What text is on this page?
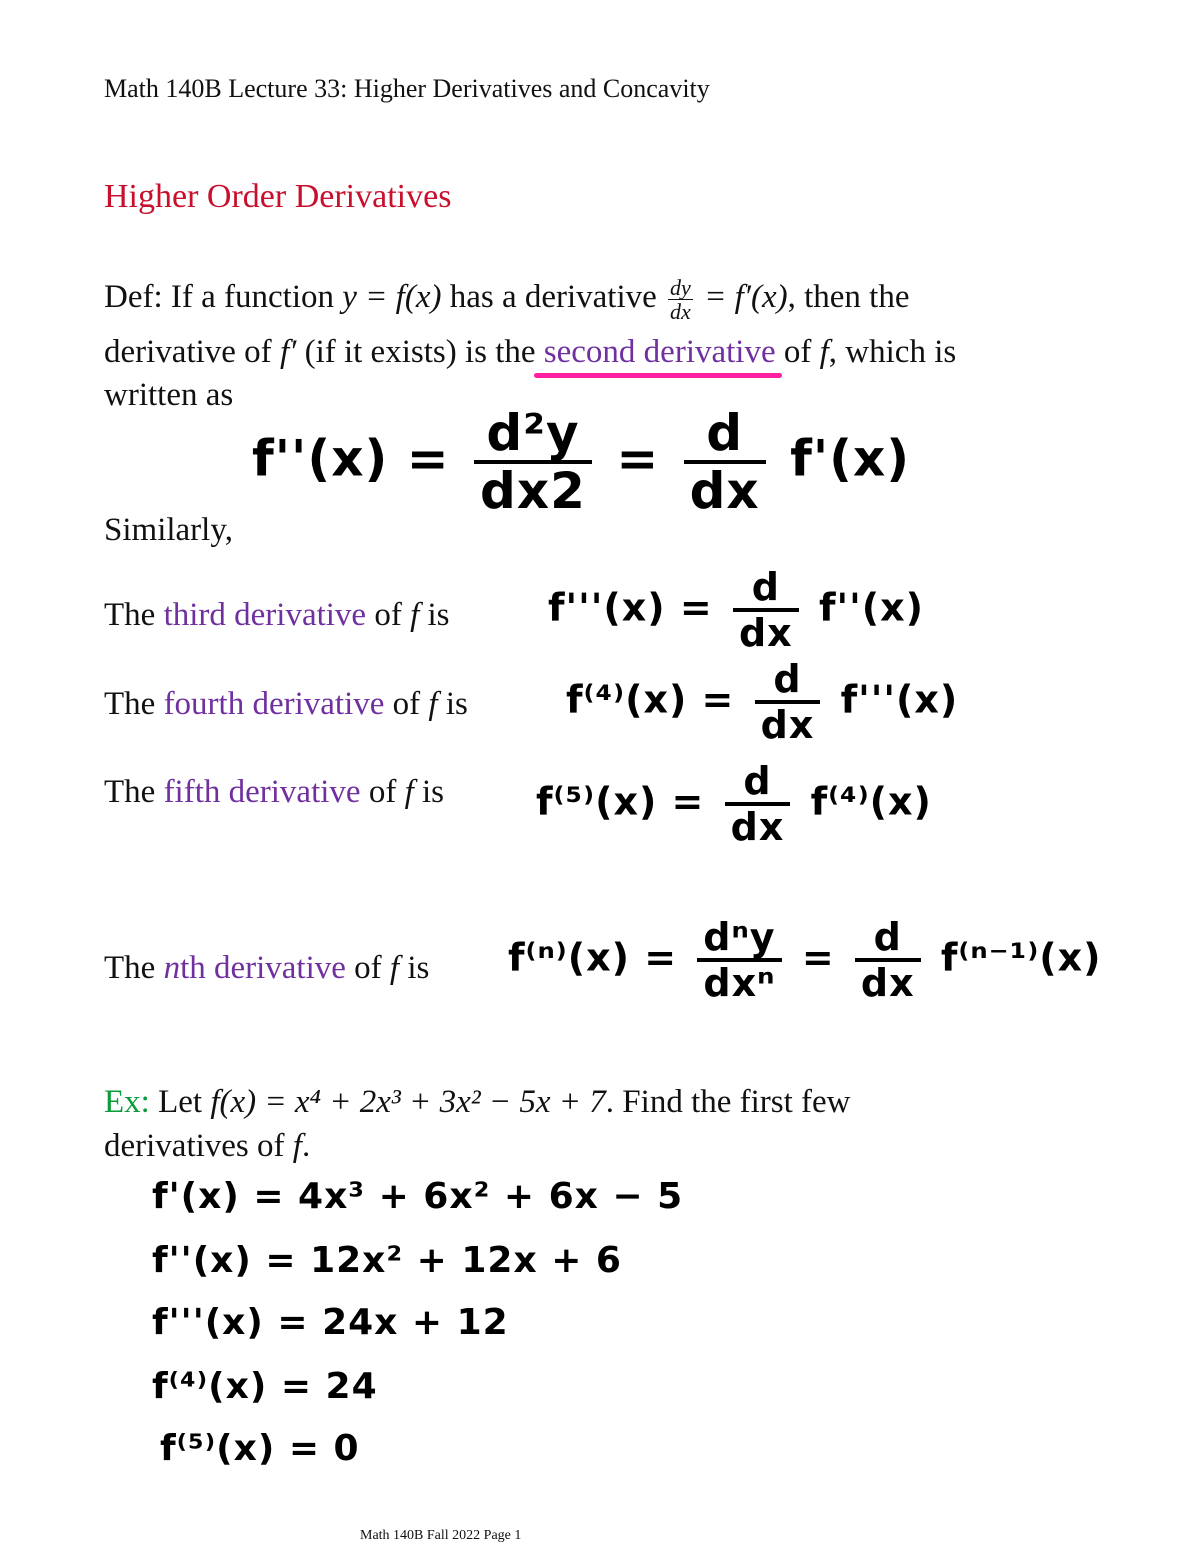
Math 140B Lecture 33: Higher Derivatives and Concavity
Higher Order Derivatives
Def: If a function y = f(x) has a derivative $\frac{dy}{dx} = f'(x)$, then the
derivative of f′ (if it exists) is the second derivative
of f, which is
written as
$f''(x) = \frac{\text{d²y}}{dx2} = \frac{d}{dx} f'(x)$
Similarly,
The third derivative of f is	$f'''(x) = \frac{d}{dx} f''(x)$
The fourth derivative of f is	$f^{(4)}(x) = \frac{d}{dx} f'''(x)$
The fifth derivative of f is $f^{(5)}(x) = \frac{d}{dx} f^{(4)}(x)$
The nth derivative of f is $f^{(n)}(x) = \frac{\text{dⁿy}}{\text{dxⁿ}} = \frac{d}{dx} f^{(n-1)}(x)$
Ex: Let f(x) = x⁴ + 2x³ + 3x² − 5x + 7. Find the first few
derivatives of f.
f'(x) = 4x³ + 6x² + 6x − 5
f''(x) = 12x² + 12x + 6
f'''(x) = 24x + 12
f⁽⁴⁾(x) = 24
f⁽⁵⁾(x) = 0
Math 140B Fall 2022 Page 1
